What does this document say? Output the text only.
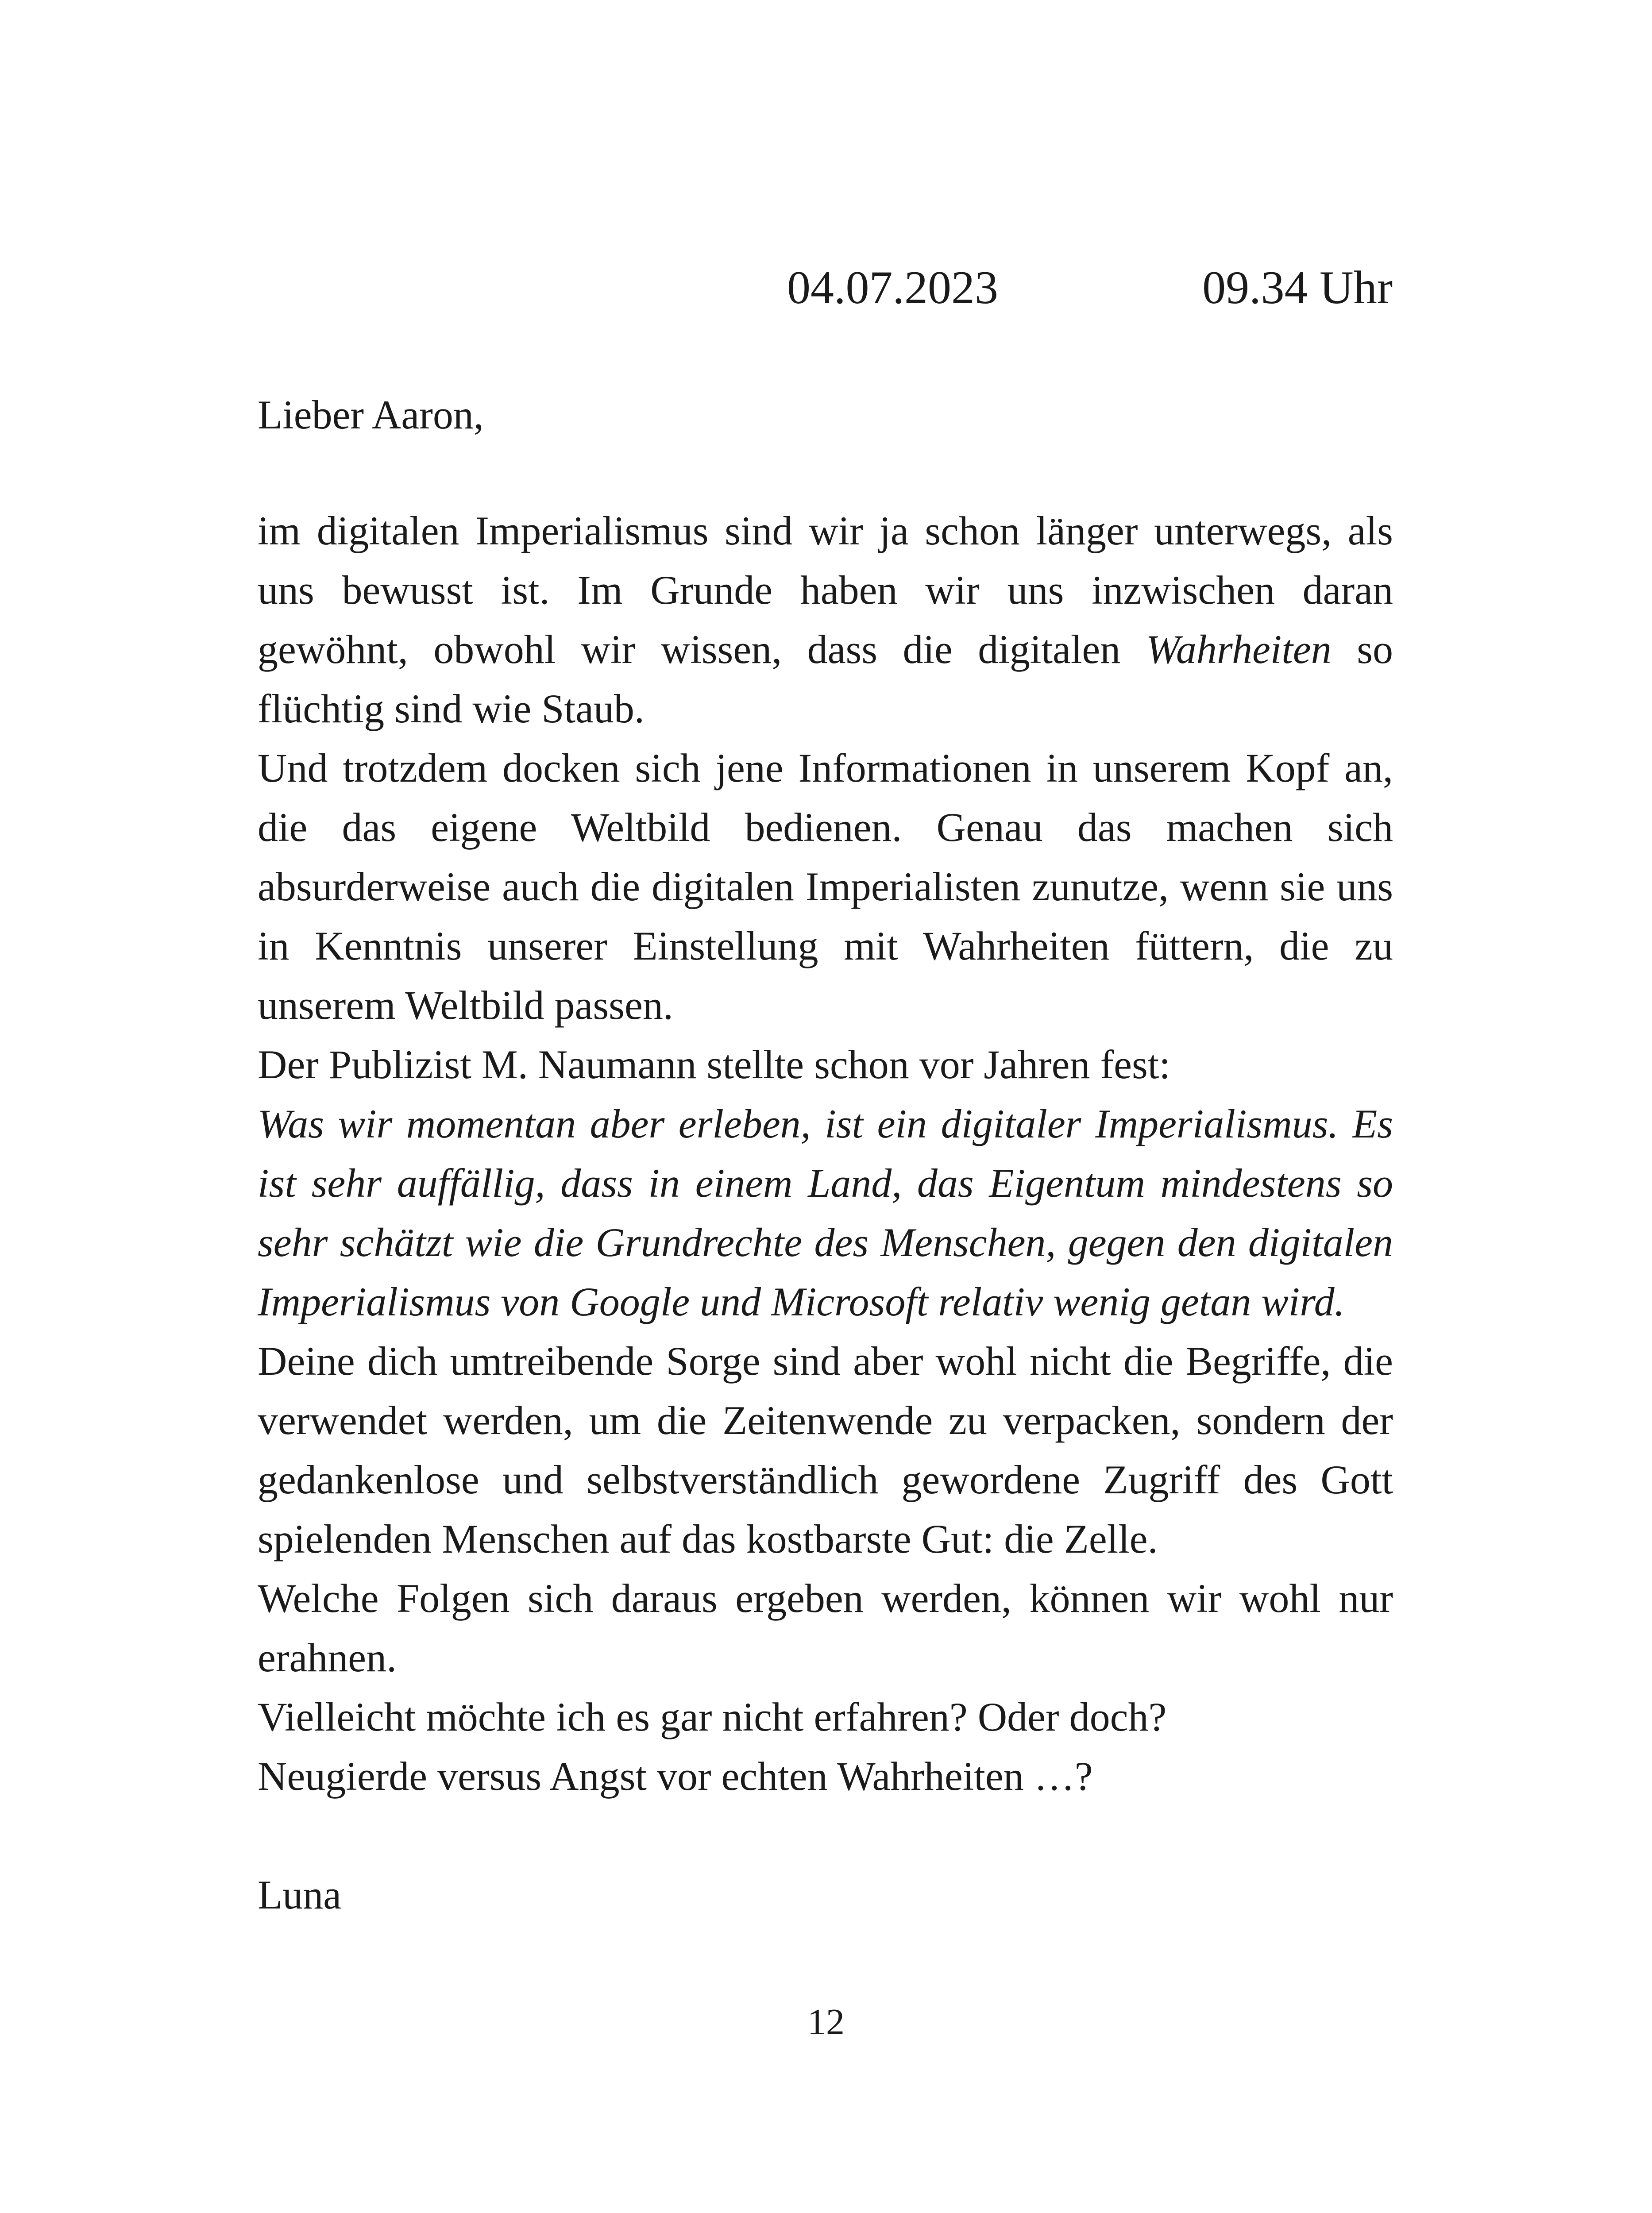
04.07.2023	09.34 Uhr
Lieber Aaron,

im digitalen Imperialismus sind wir ja schon länger unterwegs, als uns bewusst ist. Im Grunde haben wir uns inzwischen daran gewöhnt, obwohl wir wissen, dass die digitalen Wahrheiten so flüchtig sind wie Staub.

Und trotzdem docken sich jene Informationen in unserem Kopf an, die das eigene Weltbild bedienen. Genau das machen sich absurderweise auch die digitalen Imperialisten zunutze, wenn sie uns in Kenntnis unserer Einstellung mit Wahrheiten füttern, die zu unserem Weltbild passen.

Der Publizist M. Naumann stellte schon vor Jahren fest:

Was wir momentan aber erleben, ist ein digitaler Imperialismus. Es ist sehr auffällig, dass in einem Land, das Eigentum mindestens so sehr schätzt wie die Grundrechte des Menschen, gegen den digitalen Imperialismus von Google und Microsoft relativ wenig getan wird.

Deine dich umtreibende Sorge sind aber wohl nicht die Begriffe, die verwendet werden, um die Zeitenwende zu verpacken, sondern der gedankenlose und selbstverständlich gewordene Zugriff des Gott spielenden Menschen auf das kostbarste Gut: die Zelle.

Welche Folgen sich daraus ergeben werden, können wir wohl nur erahnen.

Vielleicht möchte ich es gar nicht erfahren? Oder doch?

Neugierde versus Angst vor echten Wahrheiten …?

Luna
12
